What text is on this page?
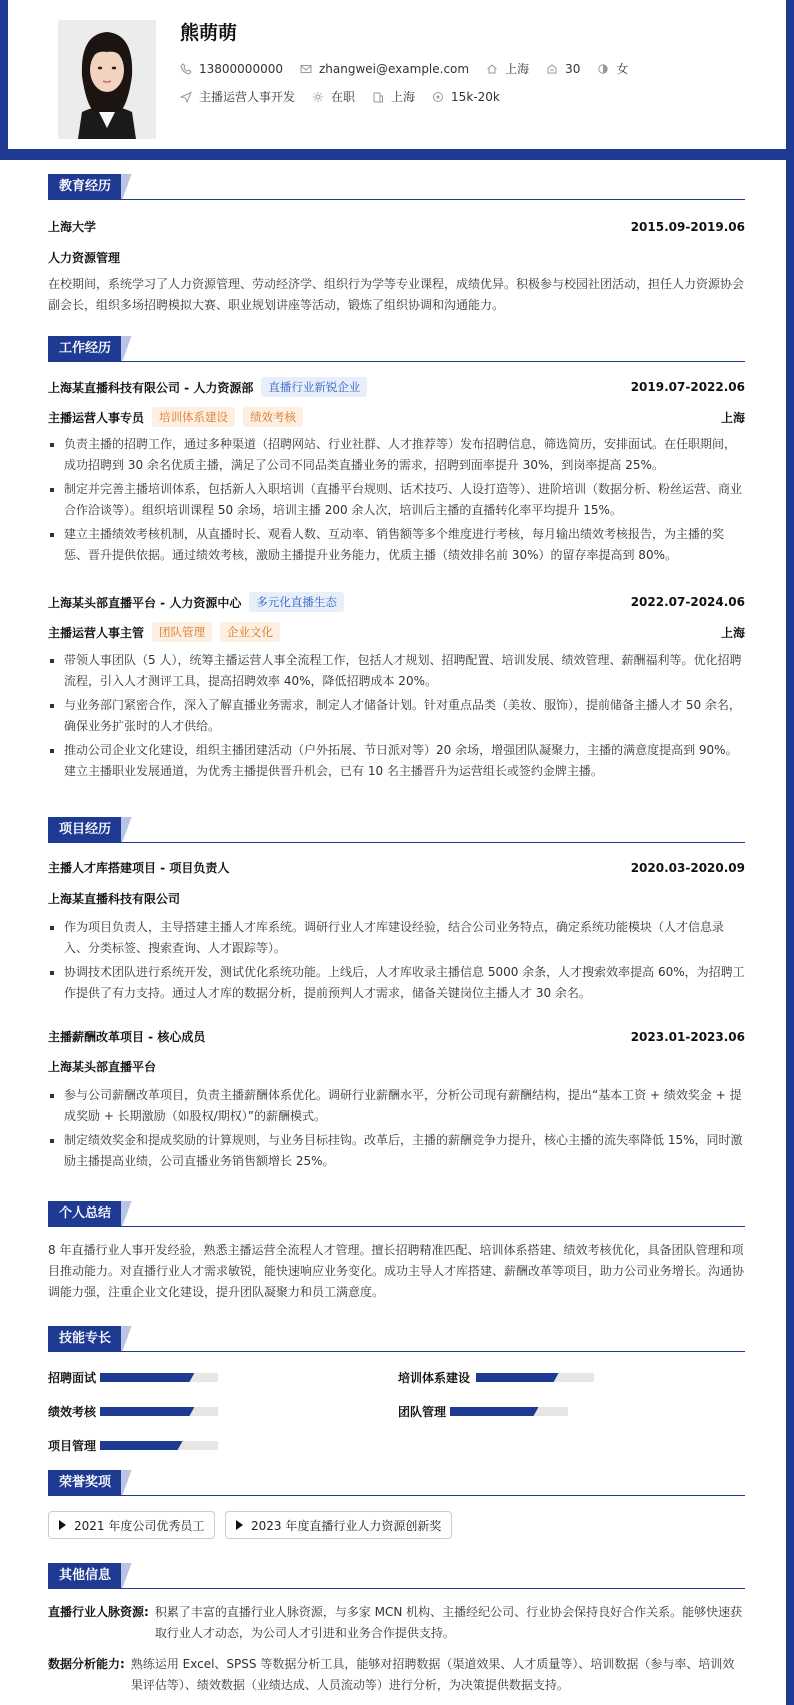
熊萌萌
13800000000	zhangwei@example.com	上海	30	女
主播运营人事开发	在职	上海	15k-20k
教育经历
上海大学	2015.09-2019.06
人力资源管理
在校期间，系统学习了人力资源管理、劳动经济学、组织行为学等专业课程，成绩优异。积极参与校园社团活动，担任人力资源协会副会长，组织多场招聘模拟大赛、职业规划讲座等活动，锻炼了组织协调和沟通能力。
工作经历
上海某直播科技有限公司 - 人力资源部	直播行业新锐企业	2019.07-2022.06
主播运营人事专员	培训体系建设	绩效考核	上海
负责主播的招聘工作，通过多种渠道（招聘网站、行业社群、人才推荐等）发布招聘信息，筛选简历，安排面试。在任职期间，成功招聘到 30 余名优质主播，满足了公司不同品类直播业务的需求，招聘到面率提升 30%，到岗率提高 25%。
制定并完善主播培训体系，包括新人入职培训（直播平台规则、话术技巧、人设打造等）、进阶培训（数据分析、粉丝运营、商业合作洽谈等）。组织培训课程 50 余场，培训主播 200 余人次，培训后主播的直播转化率平均提升 15%。
建立主播绩效考核机制，从直播时长、观看人数、互动率、销售额等多个维度进行考核，每月输出绩效考核报告，为主播的奖惩、晋升提供依据。通过绩效考核，激励主播提升业务能力，优质主播（绩效排名前 30%）的留存率提高到 80%。
上海某头部直播平台 - 人力资源中心	多元化直播生态	2022.07-2024.06
主播运营人事主管	团队管理	企业文化	上海
带领人事团队（5 人），统筹主播运营人事全流程工作，包括人才规划、招聘配置、培训发展、绩效管理、薪酬福利等。优化招聘流程，引入人才测评工具，提高招聘效率 40%，降低招聘成本 20%。
与业务部门紧密合作，深入了解直播业务需求，制定人才储备计划。针对重点品类（美妆、服饰），提前储备主播人才 50 余名，确保业务扩张时的人才供给。
推动公司企业文化建设，组织主播团建活动（户外拓展、节日派对等）20 余场，增强团队凝聚力，主播的满意度提高到 90%。建立主播职业发展通道，为优秀主播提供晋升机会，已有 10 名主播晋升为运营组长或签约金牌主播。
项目经历
主播人才库搭建项目 - 项目负责人	2020.03-2020.09
上海某直播科技有限公司
作为项目负责人，主导搭建主播人才库系统。调研行业人才库建设经验，结合公司业务特点，确定系统功能模块（人才信息录入、分类标签、搜索查询、人才跟踪等）。
协调技术团队进行系统开发，测试优化系统功能。上线后，人才库收录主播信息 5000 余条，人才搜索效率提高 60%，为招聘工作提供了有力支持。通过人才库的数据分析，提前预判人才需求，储备关键岗位主播人才 30 余名。
主播薪酬改革项目 - 核心成员	2023.01-2023.06
上海某头部直播平台
参与公司薪酬改革项目，负责主播薪酬体系优化。调研行业薪酬水平，分析公司现有薪酬结构，提出“基本工资 + 绩效奖金 + 提成奖励 + 长期激励（如股权/期权）”的薪酬模式。
制定绩效奖金和提成奖励的计算规则，与业务目标挂钩。改革后，主播的薪酬竞争力提升，核心主播的流失率降低 15%，同时激励主播提高业绩，公司直播业务销售额增长 25%。
个人总结
8 年直播行业人事开发经验，熟悉主播运营全流程人才管理。擅长招聘精准匹配、培训体系搭建、绩效考核优化，具备团队管理和项目推动能力。对直播行业人才需求敏锐，能快速响应业务变化。成功主导人才库搭建、薪酬改革等项目，助力公司业务增长。沟通协调能力强，注重企业文化建设，提升团队凝聚力和员工满意度。
技能专长
招聘面试	培训体系建设
绩效考核	团队管理
项目管理
荣誉奖项
2021 年度公司优秀员工	2023 年度直播行业人力资源创新奖
其他信息
直播行业人脉资源: 积累了丰富的直播行业人脉资源，与多家 MCN 机构、主播经纪公司、行业协会保持良好合作关系。能够快速获取行业人才动态，为公司人才引进和业务合作提供支持。
数据分析能力: 熟练运用 Excel、SPSS 等数据分析工具，能够对招聘数据（渠道效果、人才质量等）、培训数据（参与率、培训效果评估等）、绩效数据（业绩达成、人员流动等）进行分析，为决策提供数据支持。
